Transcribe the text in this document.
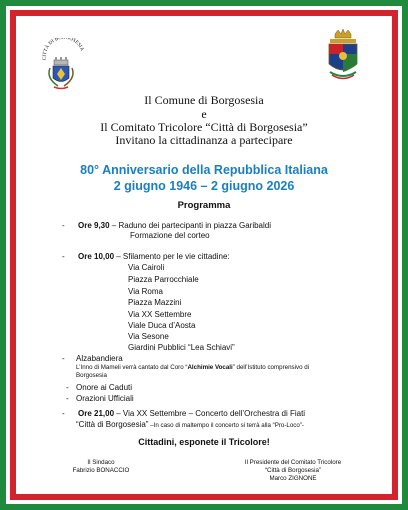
CITTÀ DI BORGOSESIA
Il Comune di Borgosesia
e
Il Comitato Tricolore “Città di Borgosesia”
Invitano la cittadinanza a partecipare
80° Anniversario della Repubblica Italiana
2 giugno 1946 – 2 giugno 2026
Programma
- Ore 9,30 – Raduno dei partecipanti in piazza Garibaldi
Formazione del corteo
- Ore 10,00 – Sfilamento per le vie cittadine:
Via Cairoli
Piazza Parrocchiale
Via Roma
Piazza Mazzini
Via XX Settembre
Viale Duca d’Aosta
Via Sesone
Giardini Pubblici “Lea Schiavi”
- Alzabandiera
L’Inno di Mameli verrà cantato dal Coro “Alchimie Vocali” dell’Istituto comprensivo di
Borgosesia
- Onore ai Caduti
- Orazioni Ufficiali
- Ore 21,00 – Via XX Settembre – Concerto dell’Orchestra di Fiati
“Città di Borgosesia” –In caso di maltempo il concerto si terrà alla “Pro-Loco”-
Cittadini, esponete il Tricolore!
Il Sindaco
Fabrizio BONACCIO
Il Presidente del Comitato Tricolore
“Città di Borgosesia”
Marco ZIGNONE
